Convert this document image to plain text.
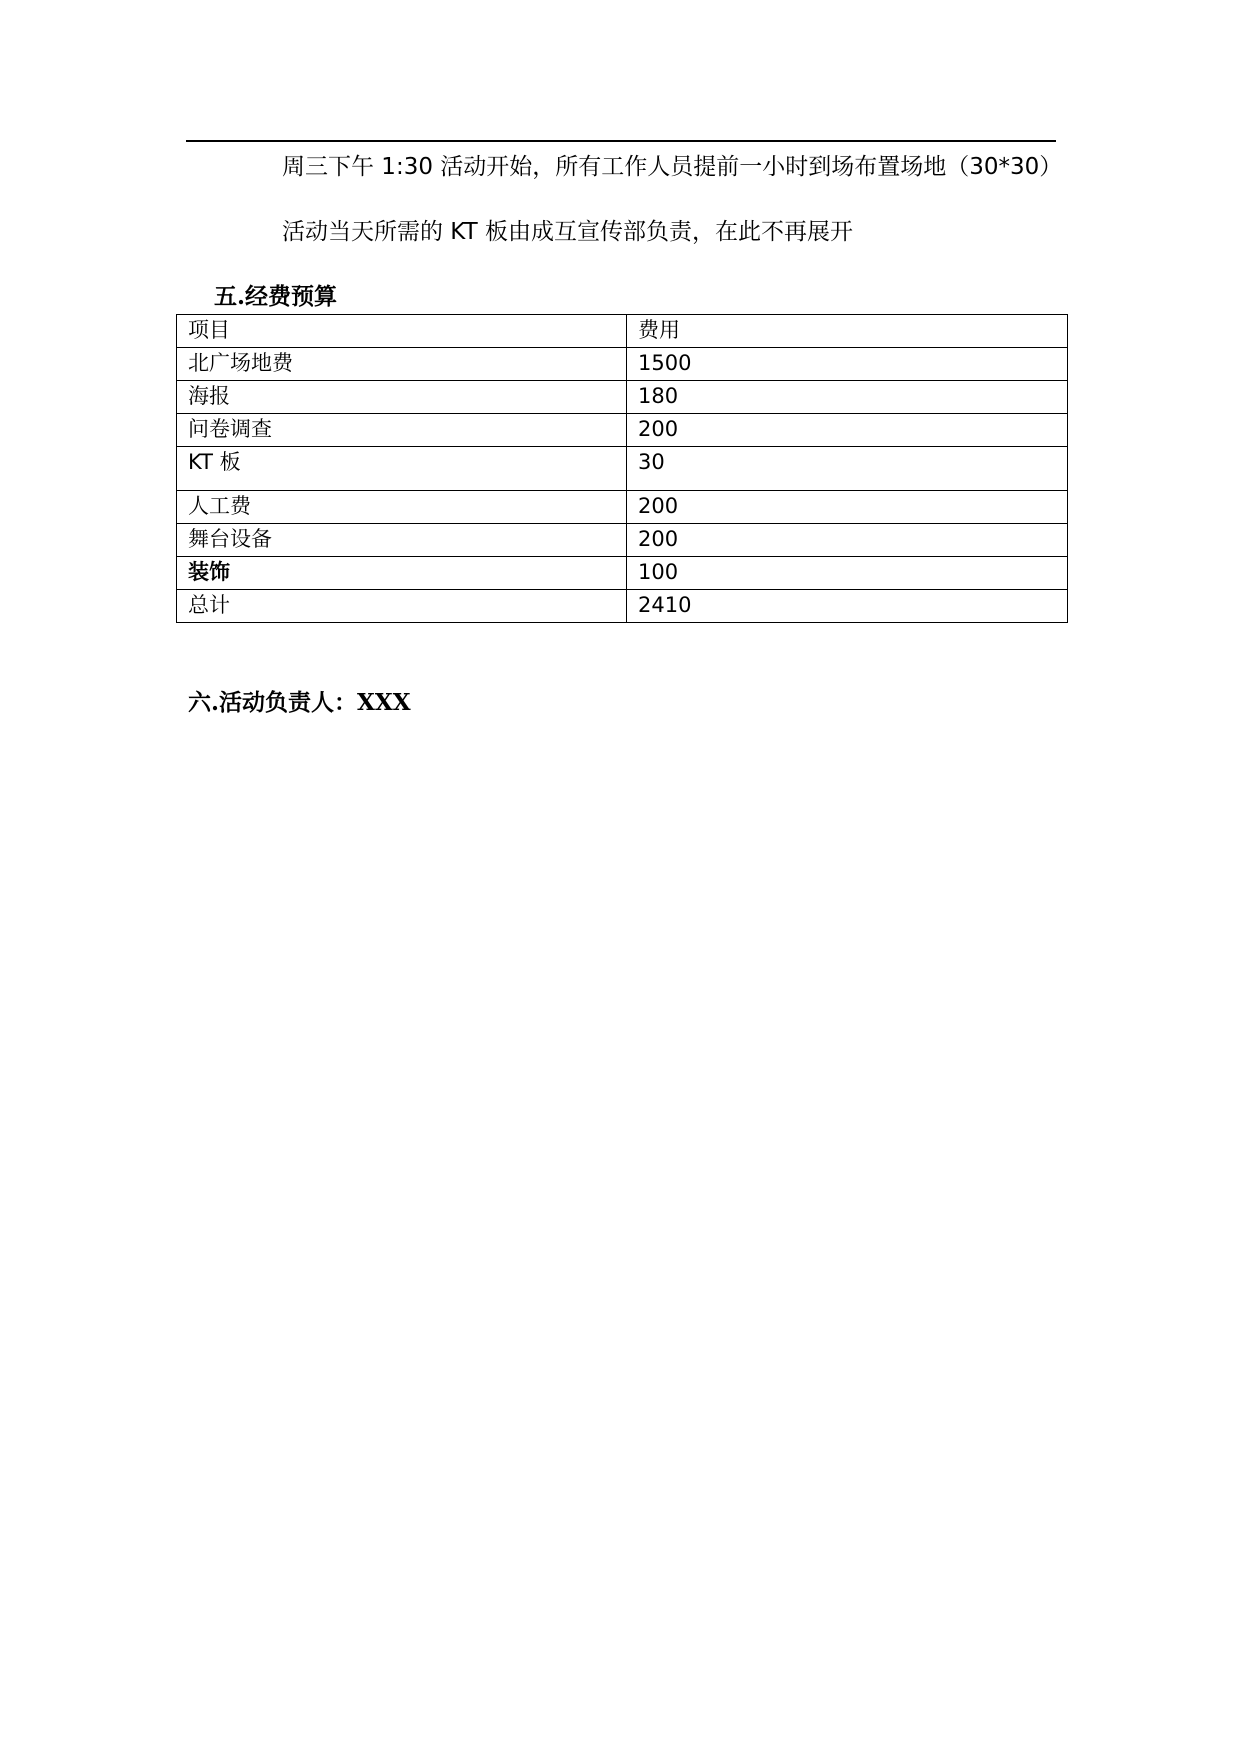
周三下午 1:30 活动开始，所有工作人员提前一小时到场布置场地（30*30）
活动当天所需的 KT 板由成互宣传部负责，在此不再展开
五.经费预算
项目	费用
北广场地费	1500
海报	180
问卷调查	200
KT 板	30
人工费	200
舞台设备	200
装饰	100
总计	2410
六.活动负责人：XXX
